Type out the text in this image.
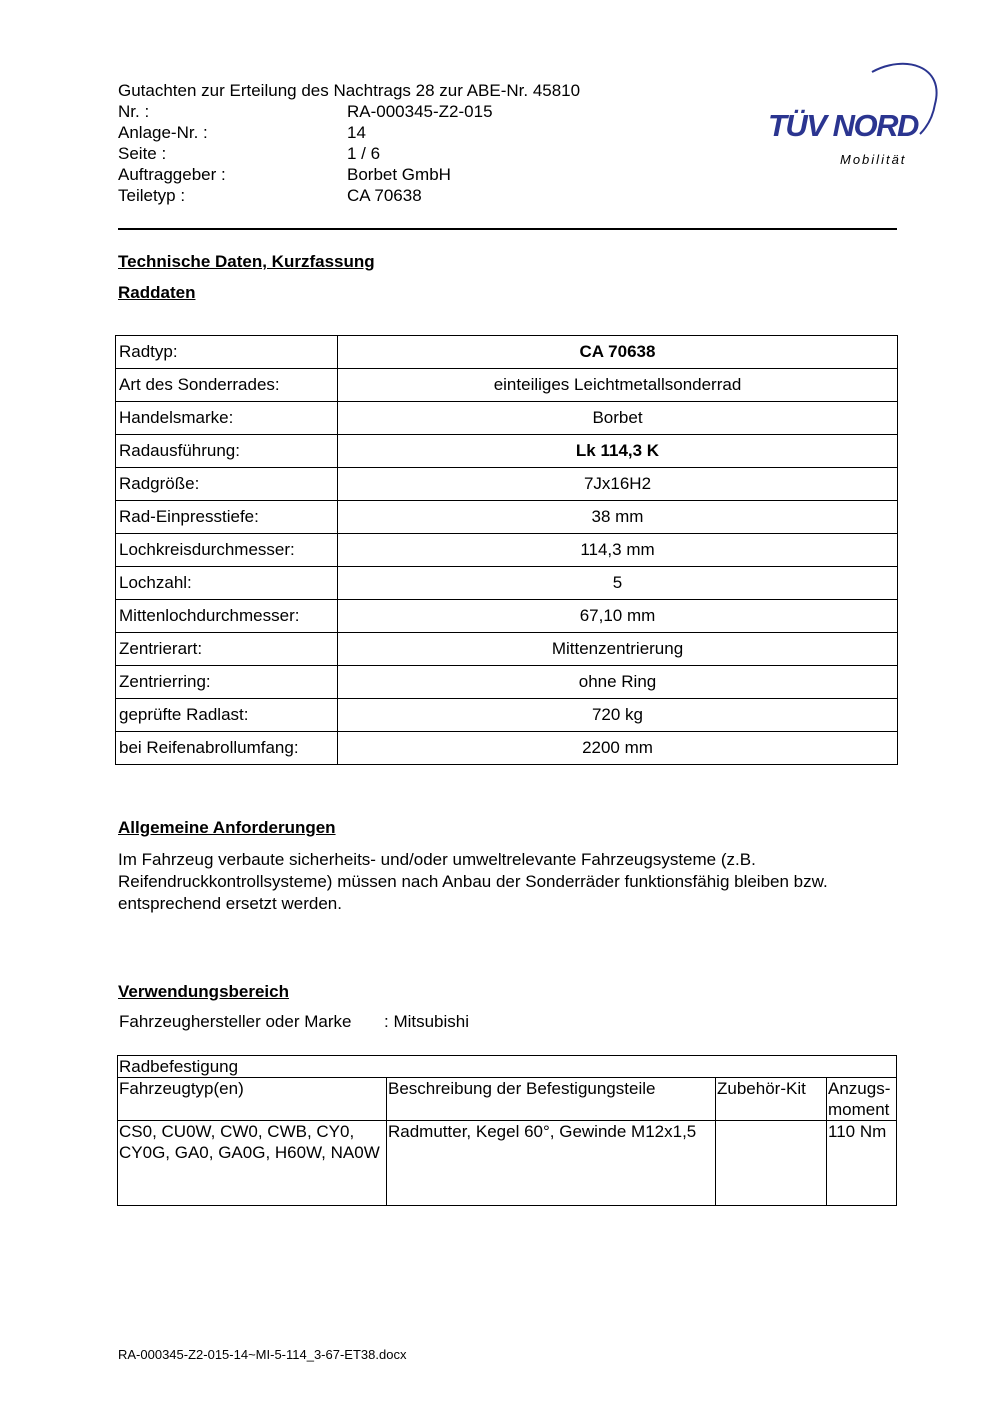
Gutachten zur Erteilung des Nachtrags 28 zur ABE-Nr. 45810
Nr. :	RA-000345-Z2-015
Anlage-Nr. :	14
Seite :	1 / 6
Auftraggeber :	Borbet GmbH
Teiletyp :	CA 70638
TÜV NORD
Mobilität
Technische Daten, Kurzfassung
Raddaten
Radtyp:	CA 70638
Art des Sonderrades:	einteiliges Leichtmetallsonderrad
Handelsmarke:	Borbet
Radausführung:	Lk 114,3 K
Radgröße:	7Jx16H2
Rad-Einpresstiefe:	38 mm
Lochkreisdurchmesser:	114,3 mm
Lochzahl:	5
Mittenlochdurchmesser:	67,10 mm
Zentrierart:	Mittenzentrierung
Zentrierring:	ohne Ring
geprüfte Radlast:	720 kg
bei Reifenabrollumfang:	2200 mm
Allgemeine Anforderungen
Im Fahrzeug verbaute sicherheits- und/oder umweltrelevante Fahrzeugsysteme (z.B. Reifendruckkontrollsysteme) müssen nach Anbau der Sonderräder funktionsfähig bleiben bzw. entsprechend ersetzt werden.
Verwendungsbereich
Fahrzeughersteller oder Marke	: Mitsubishi
Radbefestigung			
Fahrzeugtyp(en)	Beschreibung der Befestigungsteile	Zubehör-Kit	Anzugs-moment
CS0, CU0W, CW0, CWB, CY0, CY0G, GA0, GA0G, H60W, NA0W	Radmutter, Kegel 60°, Gewinde M12x1,5		110 Nm
RA-000345-Z2-015-14~MI-5-114_3-67-ET38.docx
